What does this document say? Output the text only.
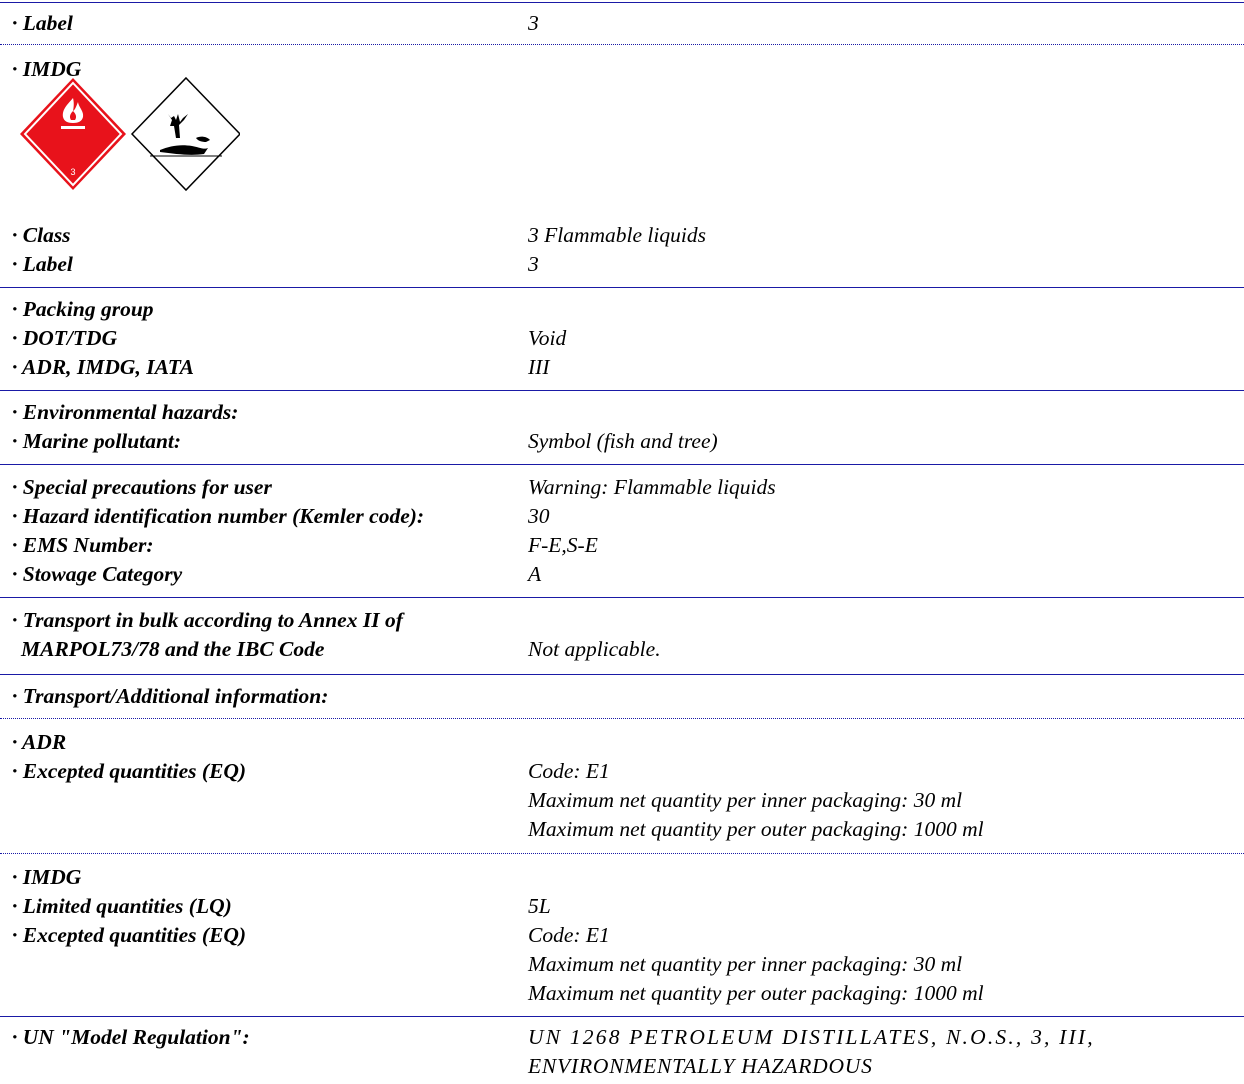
· Label	3
· IMDG
3
· Class	3 Flammable liquids
· Label	3
· Packing group
· DOT/TDG	Void
· ADR, IMDG, IATA	III
· Environmental hazards:
· Marine pollutant:	Symbol (fish and tree)
· Special precautions for user	Warning: Flammable liquids
· Hazard identification number (Kemler code):	30
· EMS Number:	F-E,S-E
· Stowage Category	A
· Transport in bulk according to Annex II of
MARPOL73/78 and the IBC Code	Not applicable.
· Transport/Additional information:
· ADR
· Excepted quantities (EQ)	Code: E1
Maximum net quantity per inner packaging: 30 ml
Maximum net quantity per outer packaging: 1000 ml
· IMDG
· Limited quantities (LQ)	5L
· Excepted quantities (EQ)	Code: E1
Maximum net quantity per inner packaging: 30 ml
Maximum net quantity per outer packaging: 1000 ml
· UN "Model Regulation":	UN 1268 PETROLEUM DISTILLATES, N.O.S., 3, III,
ENVIRONMENTALLY HAZARDOUS
